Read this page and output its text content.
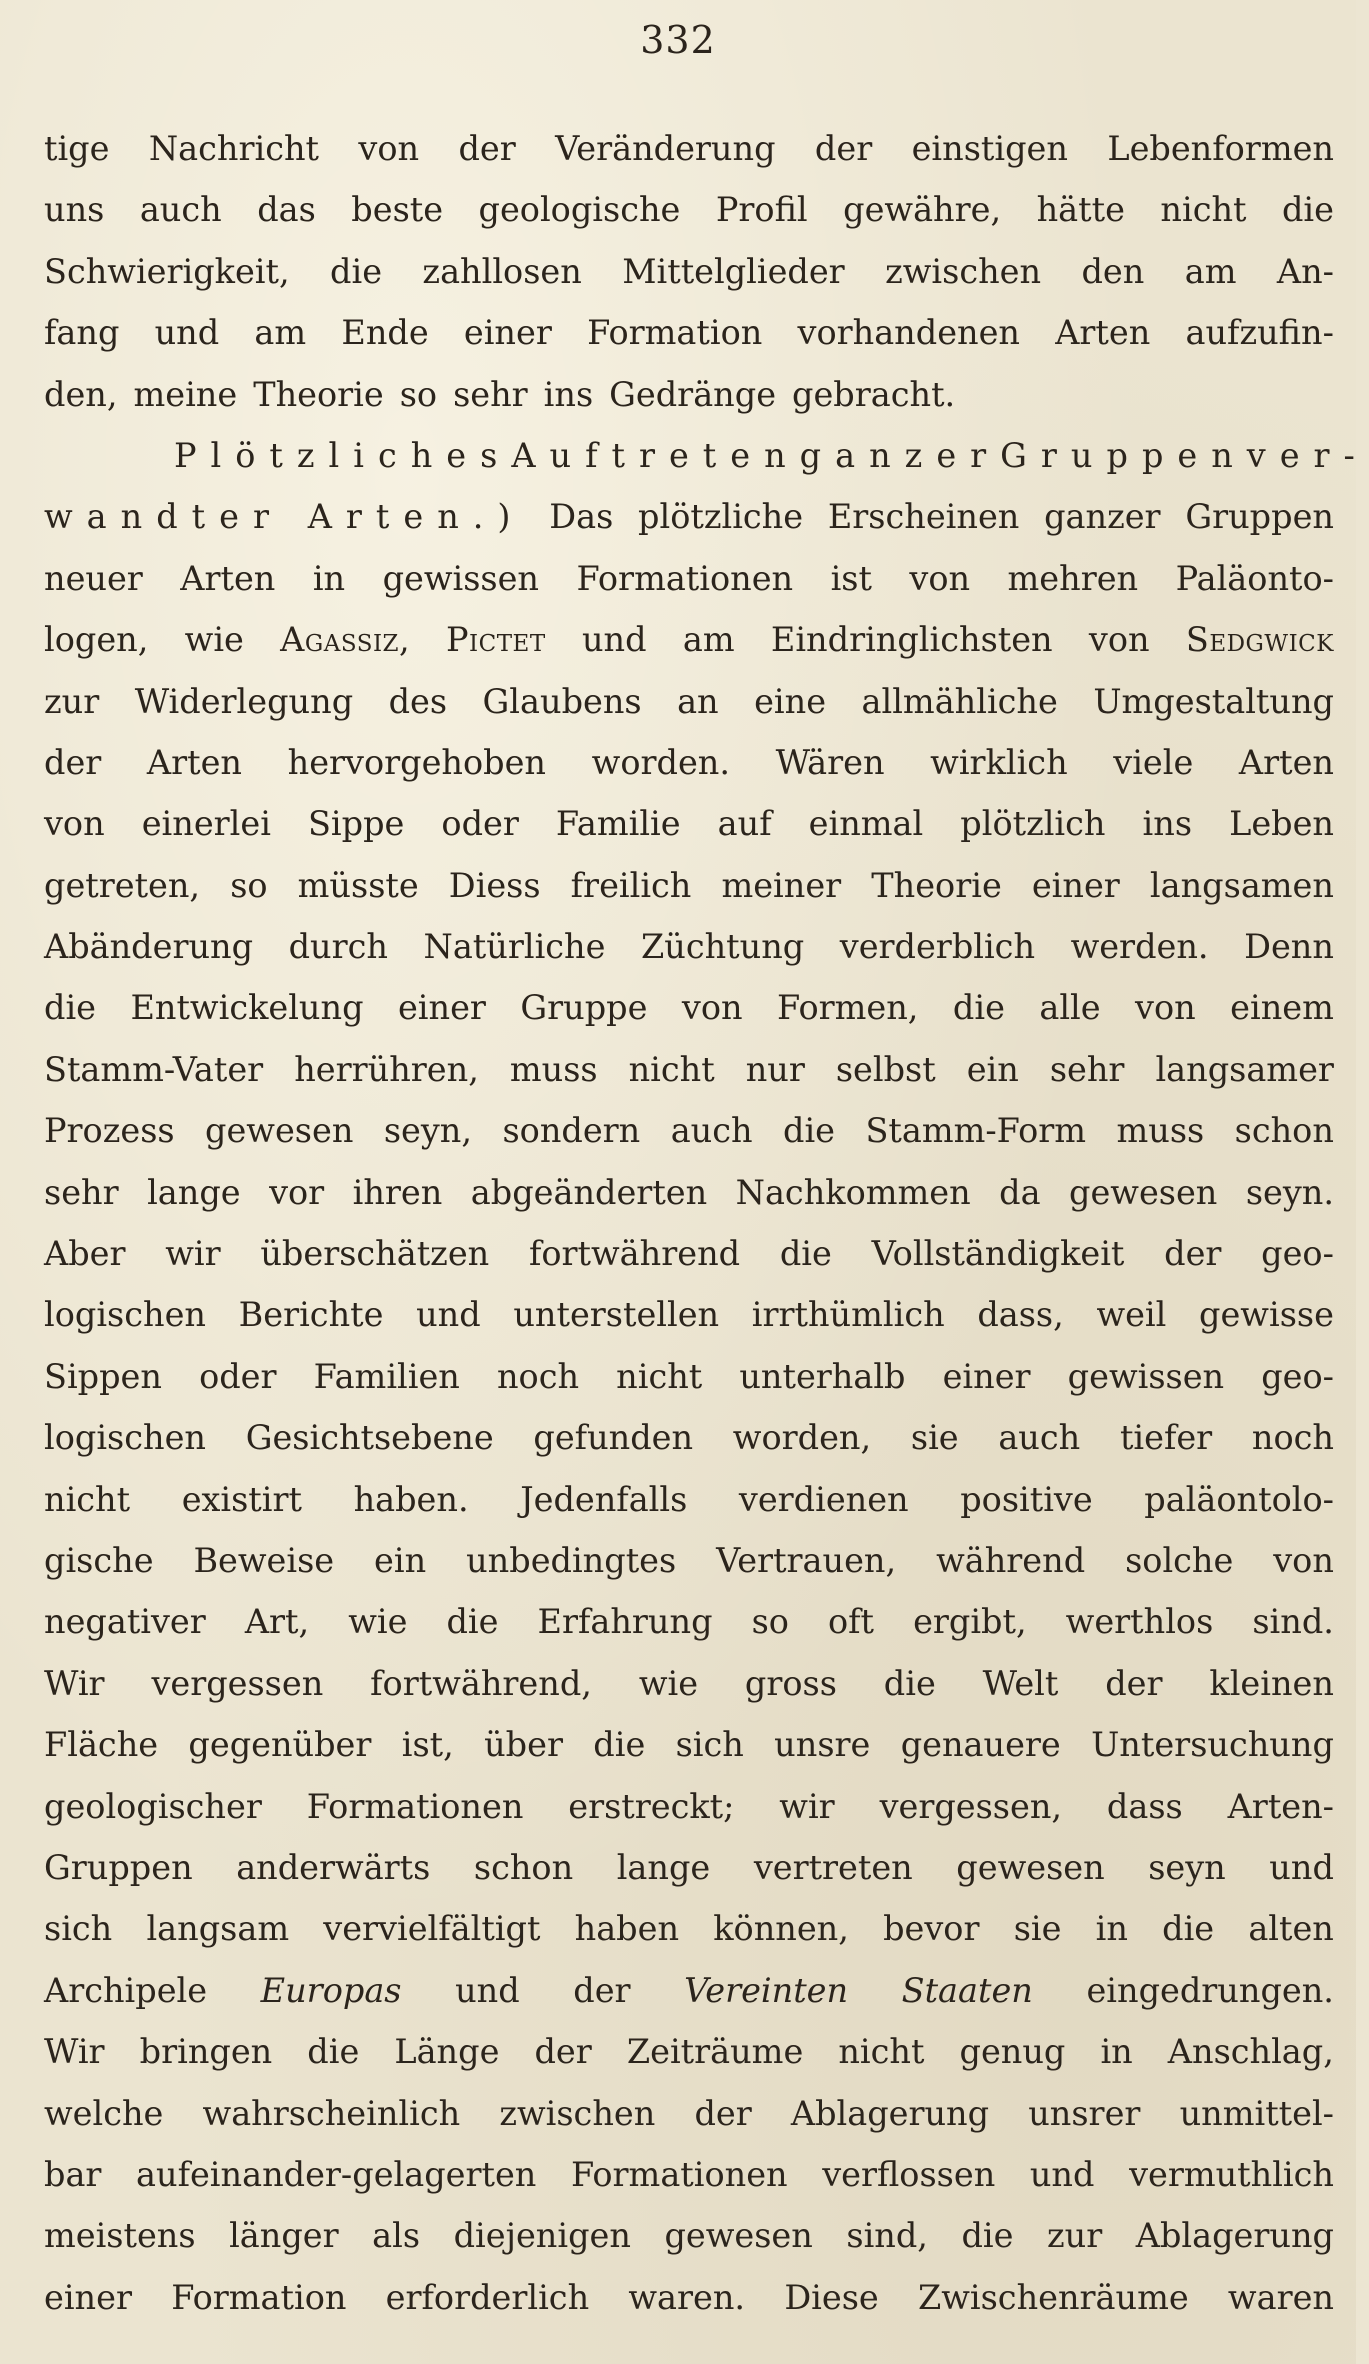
332
tige Nachricht von der Veränderung der einstigen Lebenformen
uns auch das beste geologische Profil gewähre, hätte nicht die
Schwierigkeit, die zahllosen Mittelglieder zwischen den am An-
fang und am Ende einer Formation vorhandenen Arten aufzufin-
den, meine Theorie so sehr ins Gedränge gebracht.
Plötzliches Auftreten ganzer Gruppen ver-
wandter Arten.) Das plötzliche Erscheinen ganzer Gruppen
neuer Arten in gewissen Formationen ist von mehren Paläonto-
logen, wie Agassiz, Pictet und am Eindringlichsten von Sedgwick
zur Widerlegung des Glaubens an eine allmähliche Umgestaltung
der Arten hervorgehoben worden. Wären wirklich viele Arten
von einerlei Sippe oder Familie auf einmal plötzlich ins Leben
getreten, so müsste Diess freilich meiner Theorie einer langsamen
Abänderung durch Natürliche Züchtung verderblich werden. Denn
die Entwickelung einer Gruppe von Formen, die alle von einem
Stamm-Vater herrühren, muss nicht nur selbst ein sehr langsamer
Prozess gewesen seyn, sondern auch die Stamm-Form muss schon
sehr lange vor ihren abgeänderten Nachkommen da gewesen seyn.
Aber wir überschätzen fortwährend die Vollständigkeit der geo-
logischen Berichte und unterstellen irrthümlich dass, weil gewisse
Sippen oder Familien noch nicht unterhalb einer gewissen geo-
logischen Gesichtsebene gefunden worden, sie auch tiefer noch
nicht existirt haben. Jedenfalls verdienen positive paläontolo-
gische Beweise ein unbedingtes Vertrauen, während solche von
negativer Art, wie die Erfahrung so oft ergibt, werthlos sind.
Wir vergessen fortwährend, wie gross die Welt der kleinen
Fläche gegenüber ist, über die sich unsre genauere Untersuchung
geologischer Formationen erstreckt; wir vergessen, dass Arten-
Gruppen anderwärts schon lange vertreten gewesen seyn und
sich langsam vervielfältigt haben können, bevor sie in die alten
Archipele Europas und der Vereinten Staaten eingedrungen.
Wir bringen die Länge der Zeiträume nicht genug in Anschlag,
welche wahrscheinlich zwischen der Ablagerung unsrer unmittel-
bar aufeinander-gelagerten Formationen verflossen und vermuthlich
meistens länger als diejenigen gewesen sind, die zur Ablagerung
einer Formation erforderlich waren. Diese Zwischenräume waren
